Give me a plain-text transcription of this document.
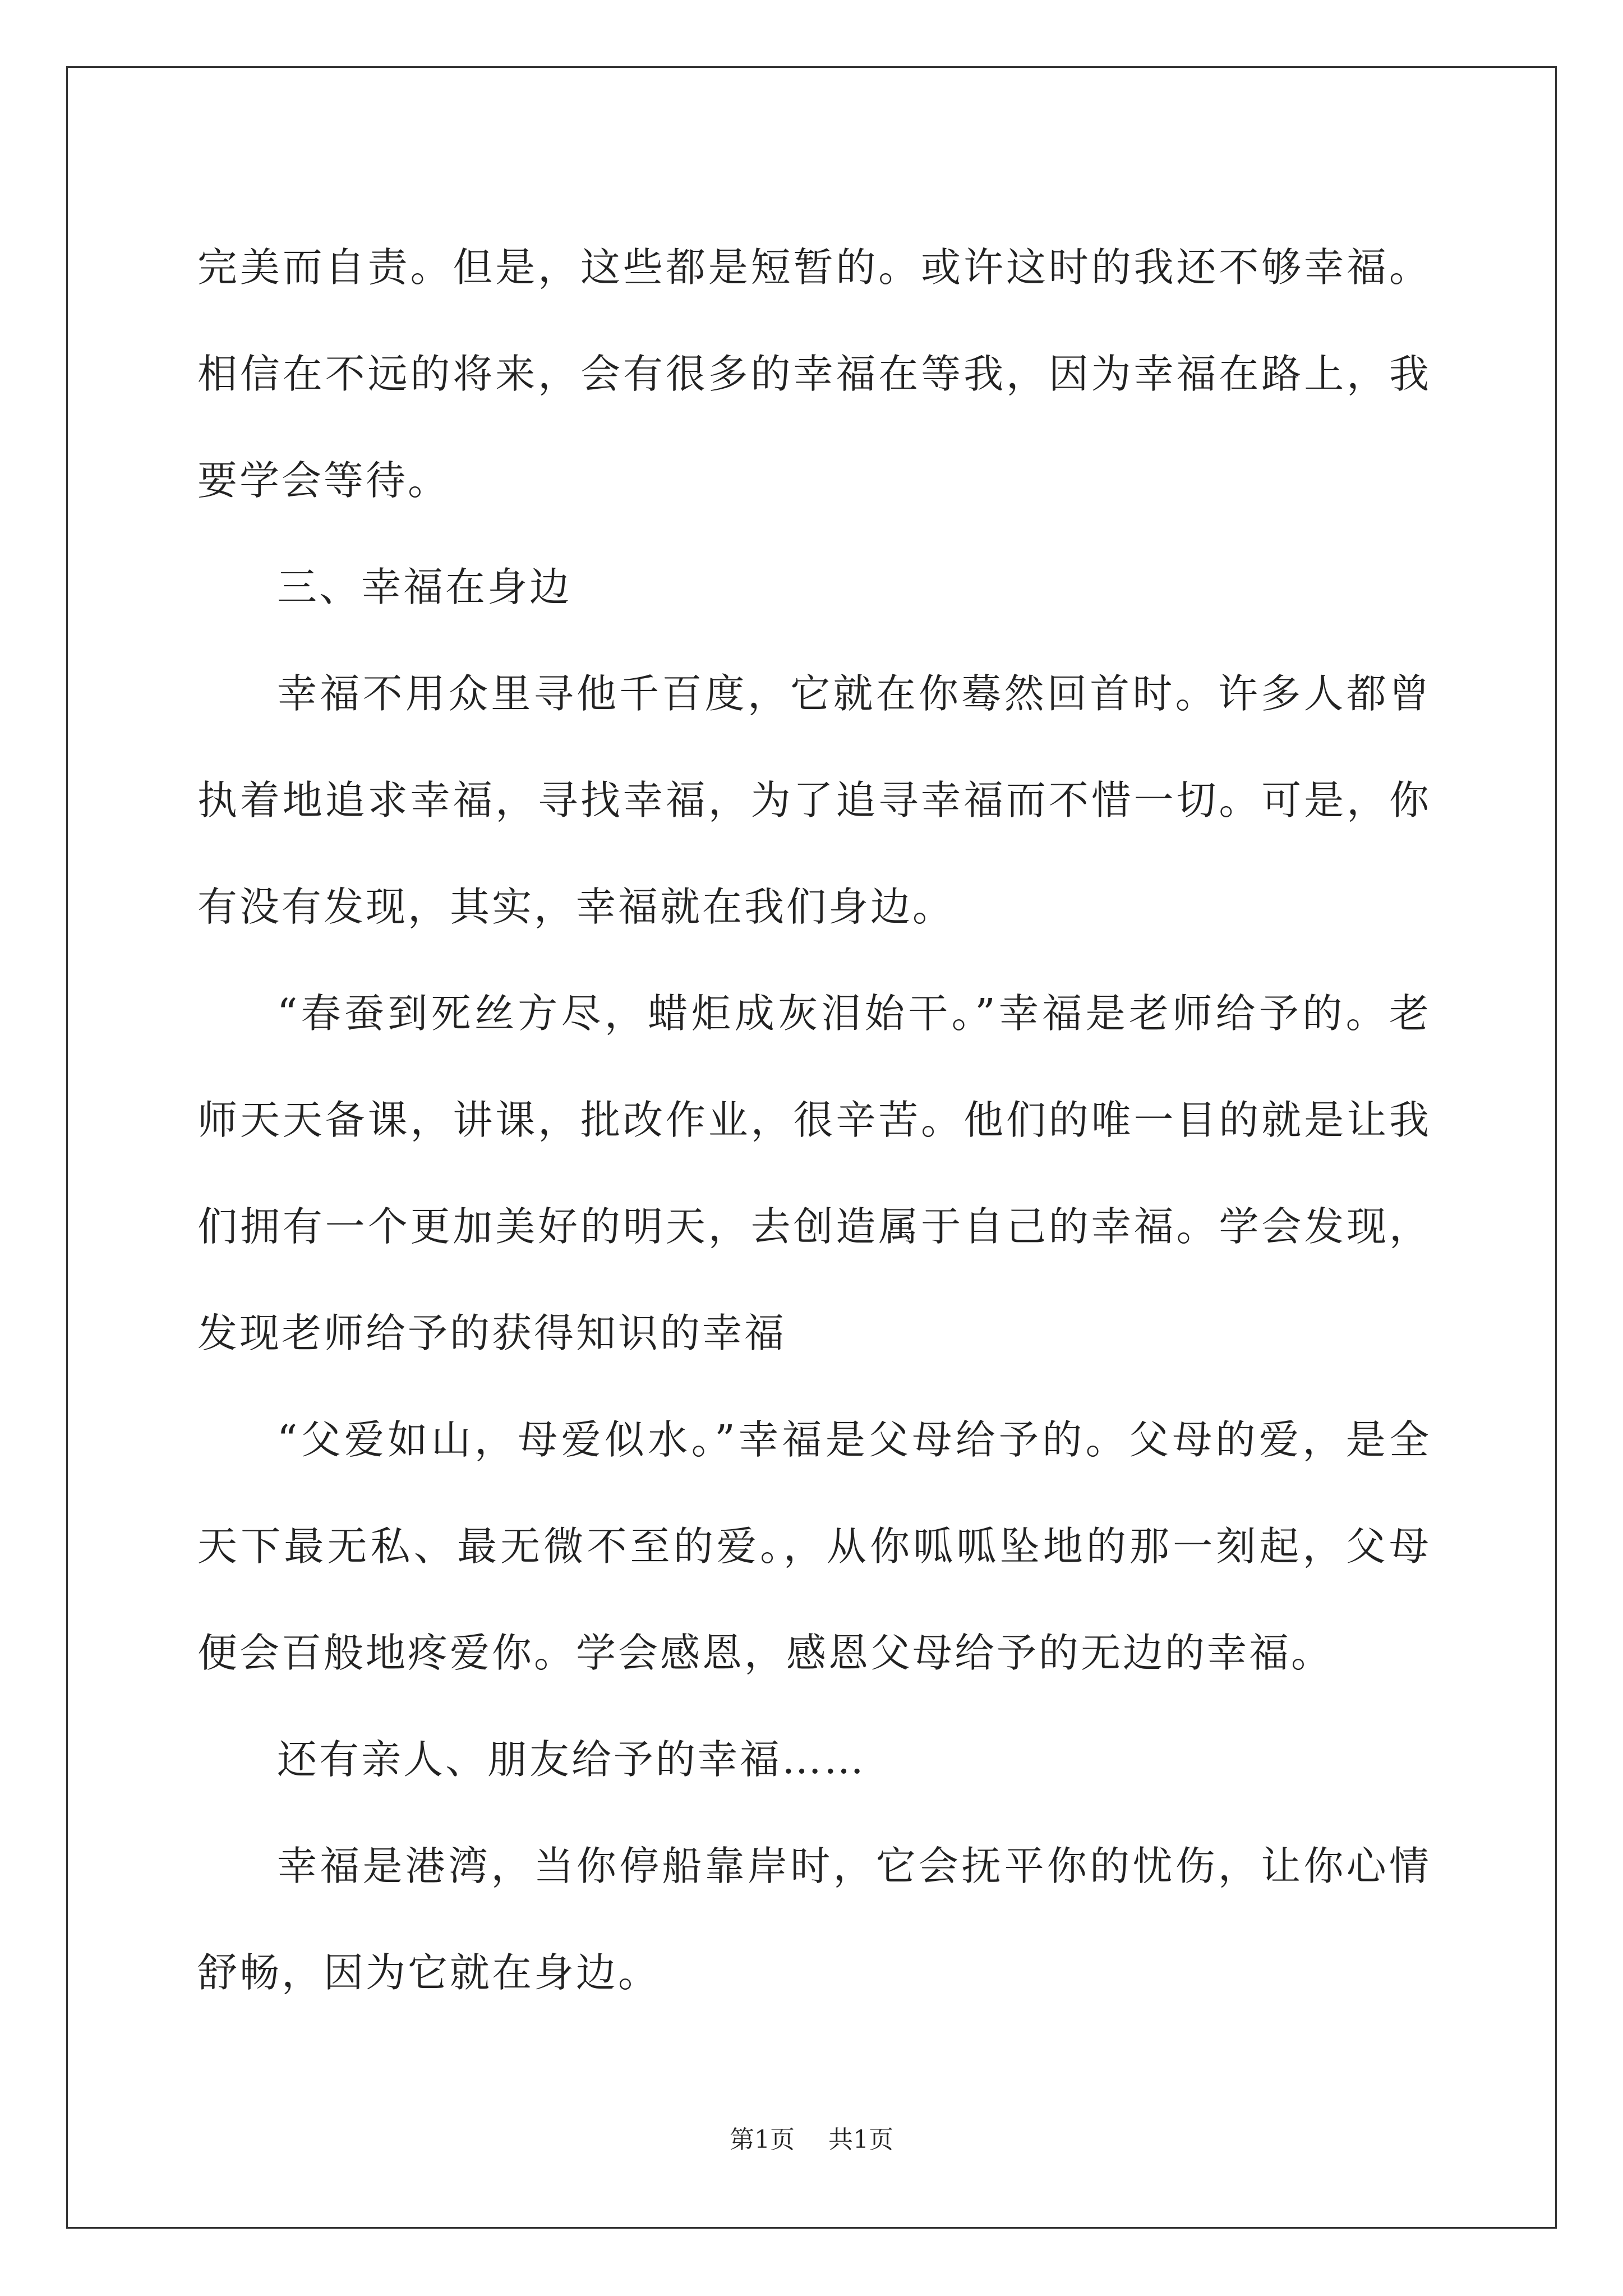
完美而自责。但是，这些都是短暂的。或许这时的我还不够幸福。相信在不远的将来，会有很多的幸福在等我，因为幸福在路上，我要学会等待。

三、幸福在身边

幸福不用众里寻他千百度，它就在你蓦然回首时。许多人都曾执着地追求幸福，寻找幸福，为了追寻幸福而不惜一切。可是，你有没有发现，其实，幸福就在我们身边。

“春蚕到死丝方尽，蜡炬成灰泪始干。”幸福是老师给予的。老师天天备课，讲课，批改作业，很辛苦。他们的唯一目的就是让我们拥有一个更加美好的明天，去创造属于自己的幸福。学会发现，发现老师给予的获得知识的幸福

“父爱如山，母爱似水。”幸福是父母给予的。父母的爱，是全天下最无私、最无微不至的爱。，从你呱呱坠地的那一刻起，父母便会百般地疼爱你。学会感恩，感恩父母给予的无边的幸福。

还有亲人、朋友给予的幸福……

幸福是港湾，当你停船靠岸时，它会抚平你的忧伤，让你心情舒畅，因为它就在身边。

第1页 共1页
